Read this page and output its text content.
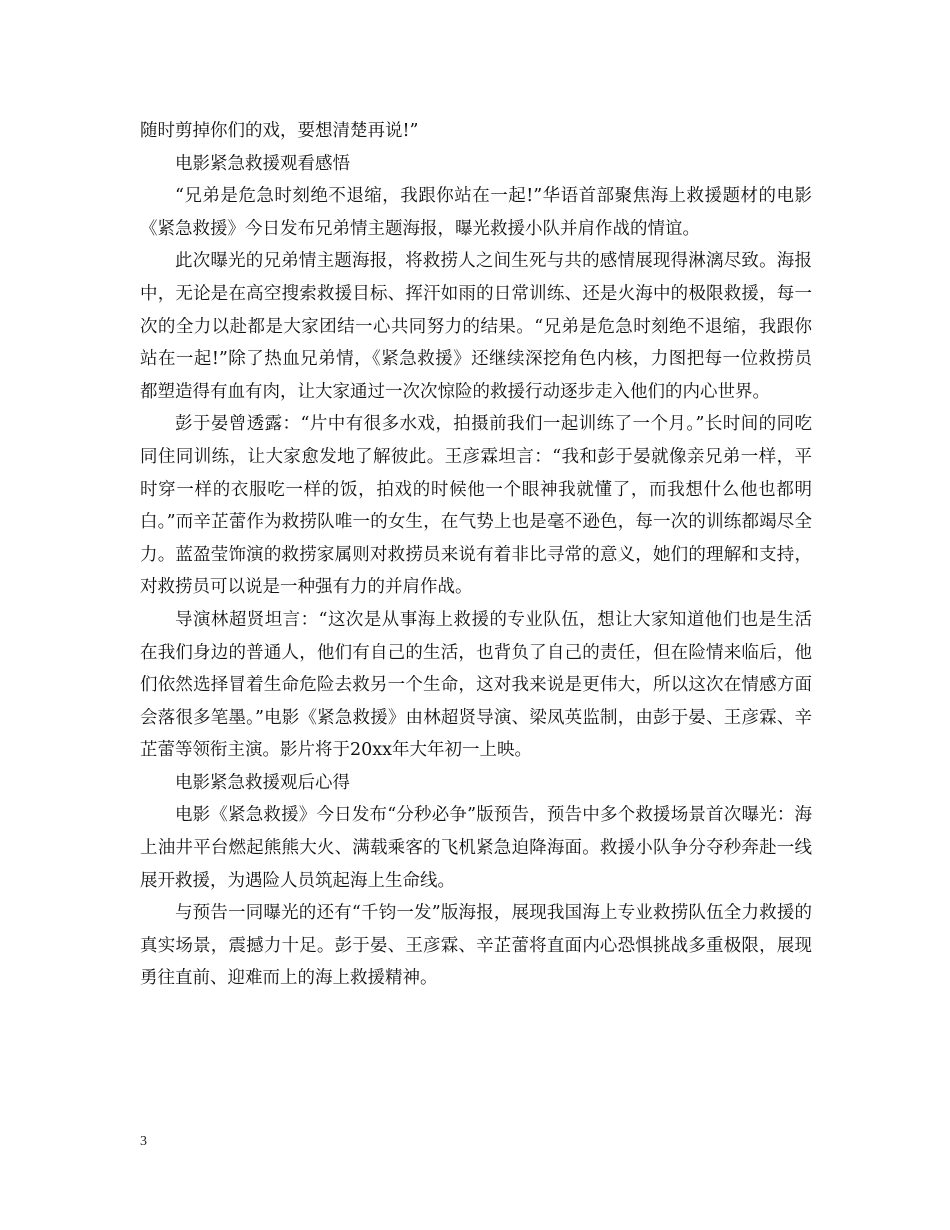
随时剪掉你们的戏，要想清楚再说!”

电影紧急救援观看感悟

“兄弟是危急时刻绝不退缩，我跟你站在一起!”华语首部聚焦海上救援题材的电影《紧急救援》今日发布兄弟情主题海报，曝光救援小队并肩作战的情谊。

此次曝光的兄弟情主题海报，将救捞人之间生死与共的感情展现得淋漓尽致。海报中，无论是在高空搜索救援目标、挥汗如雨的日常训练、还是火海中的极限救援，每一次的全力以赴都是大家团结一心共同努力的结果。“兄弟是危急时刻绝不退缩，我跟你站在一起!”除了热血兄弟情，《紧急救援》还继续深挖角色内核，力图把每一位救捞员都塑造得有血有肉，让大家通过一次次惊险的救援行动逐步走入他们的内心世界。

彭于晏曾透露：“片中有很多水戏，拍摄前我们一起训练了一个月。”长时间的同吃同住同训练，让大家愈发地了解彼此。王彦霖坦言：“我和彭于晏就像亲兄弟一样，平时穿一样的衣服吃一样的饭，拍戏的时候他一个眼神我就懂了，而我想什么他也都明白。”而辛芷蕾作为救捞队唯一的女生，在气势上也是毫不逊色，每一次的训练都竭尽全力。蓝盈莹饰演的救捞家属则对救捞员来说有着非比寻常的意义，她们的理解和支持，对救捞员可以说是一种强有力的并肩作战。

导演林超贤坦言：“这次是从事海上救援的专业队伍，想让大家知道他们也是生活在我们身边的普通人，他们有自己的生活，也背负了自己的责任，但在险情来临后，他们依然选择冒着生命危险去救另一个生命，这对我来说是更伟大，所以这次在情感方面会落很多笔墨。”电影《紧急救援》由林超贤导演、梁凤英监制，由彭于晏、王彦霖、辛芷蕾等领衔主演。影片将于20xx年大年初一上映。

电影紧急救援观后心得

电影《紧急救援》今日发布“分秒必争”版预告，预告中多个救援场景首次曝光：海上油井平台燃起熊熊大火、满载乘客的飞机紧急迫降海面。救援小队争分夺秒奔赴一线展开救援，为遇险人员筑起海上生命线。

与预告一同曝光的还有“千钧一发”版海报，展现我国海上专业救捞队伍全力救援的真实场景，震撼力十足。彭于晏、王彦霖、辛芷蕾将直面内心恐惧挑战多重极限，展现勇往直前、迎难而上的海上救援精神。

3
